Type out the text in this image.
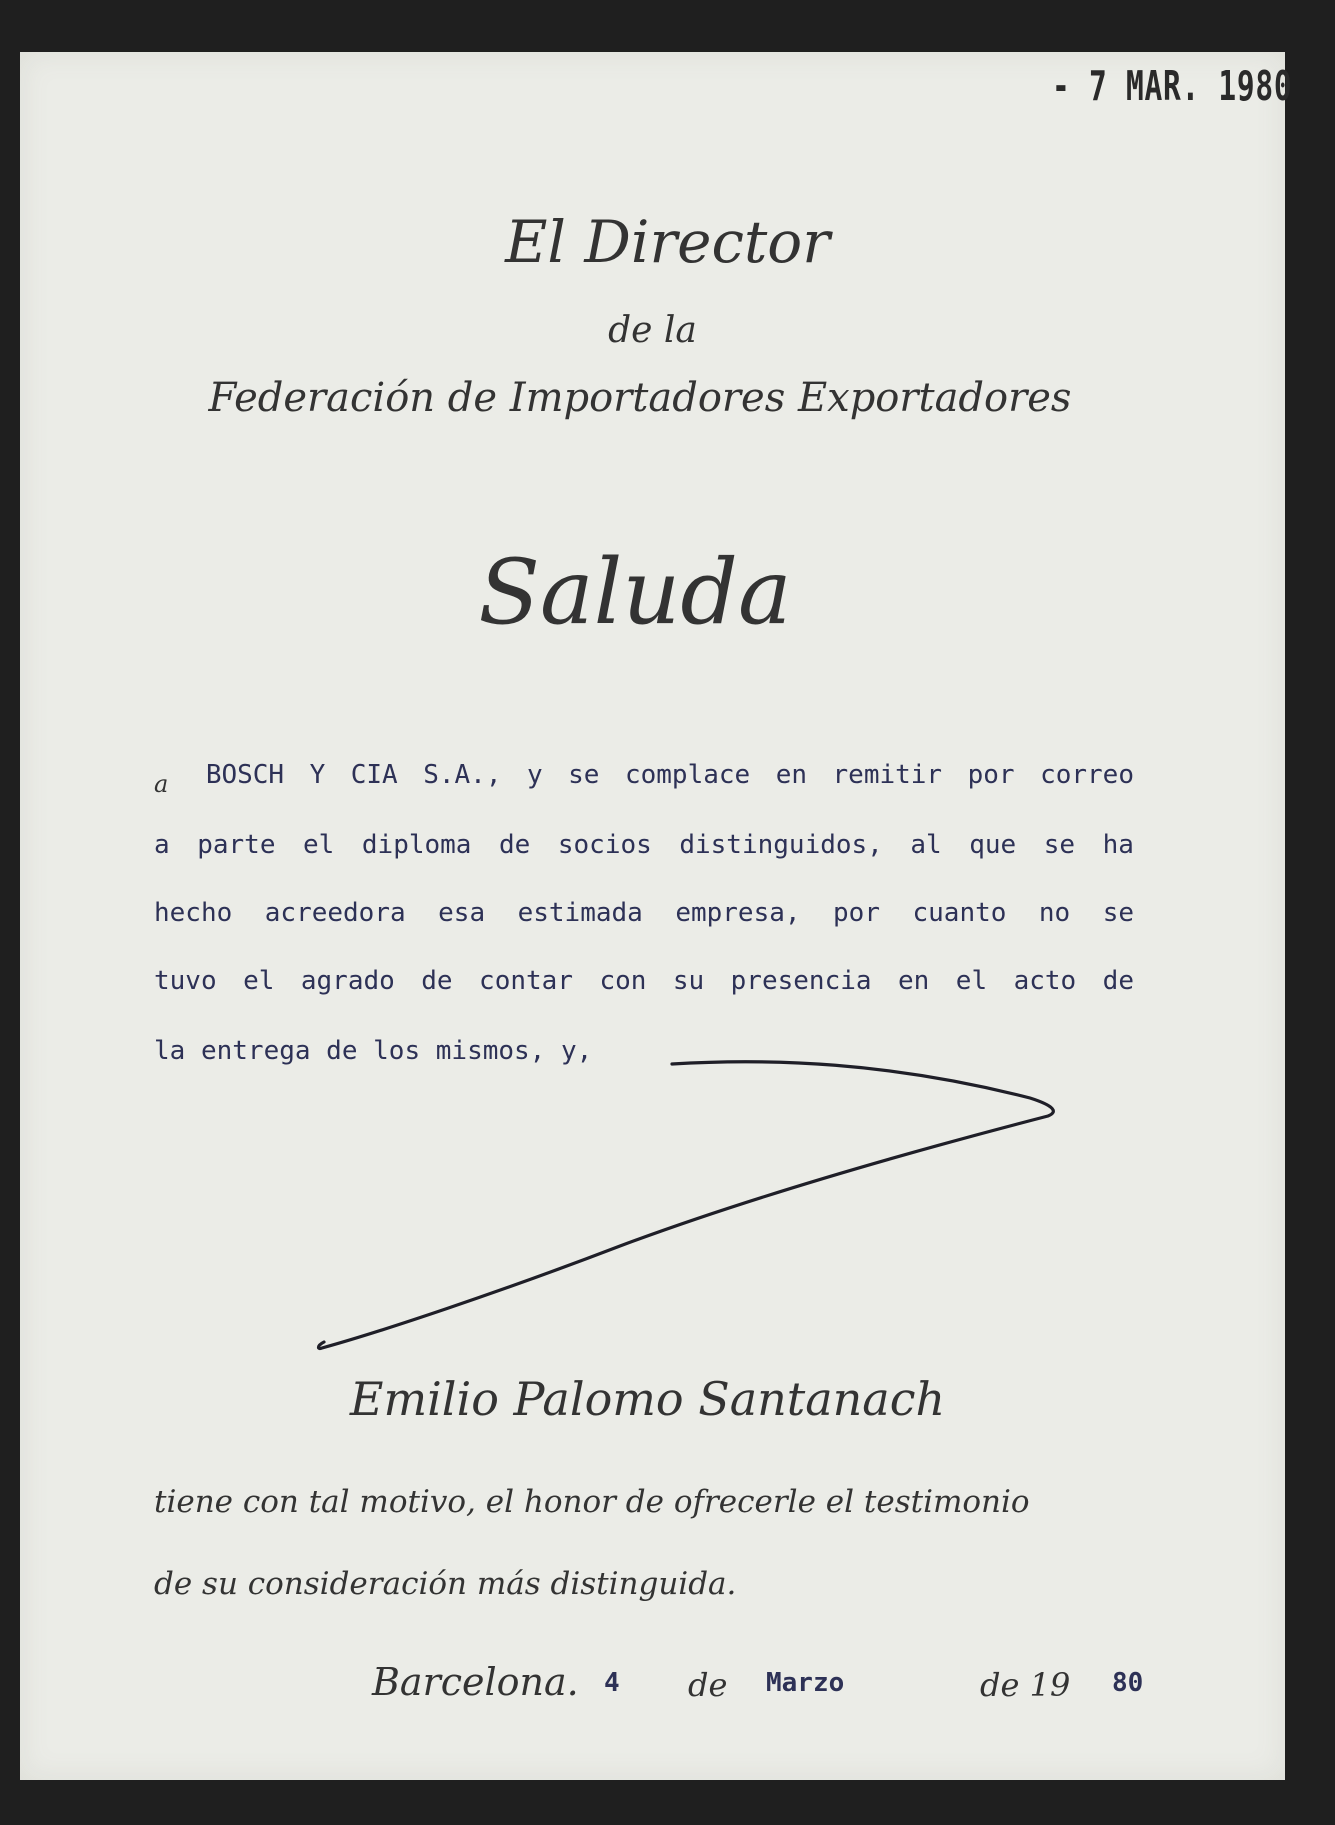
- 7 MAR. 1980
El Director
de la
Federación de Importadores Exportadores
Saluda
a BOSCH Y CIA S.A., y se complace en remitir por correo
a parte el diploma de socios distinguidos, al que se ha
hecho acreedora esa estimada empresa, por cuanto no se
tuvo el agrado de contar con su presencia en el acto de
la entrega de los mismos, y,
Emilio Palomo Santanach
tiene con tal motivo, el honor de ofrecerle el testimonio
de su consideración más distinguida.
Barcelona. 4 de Marzo	de 19 80
